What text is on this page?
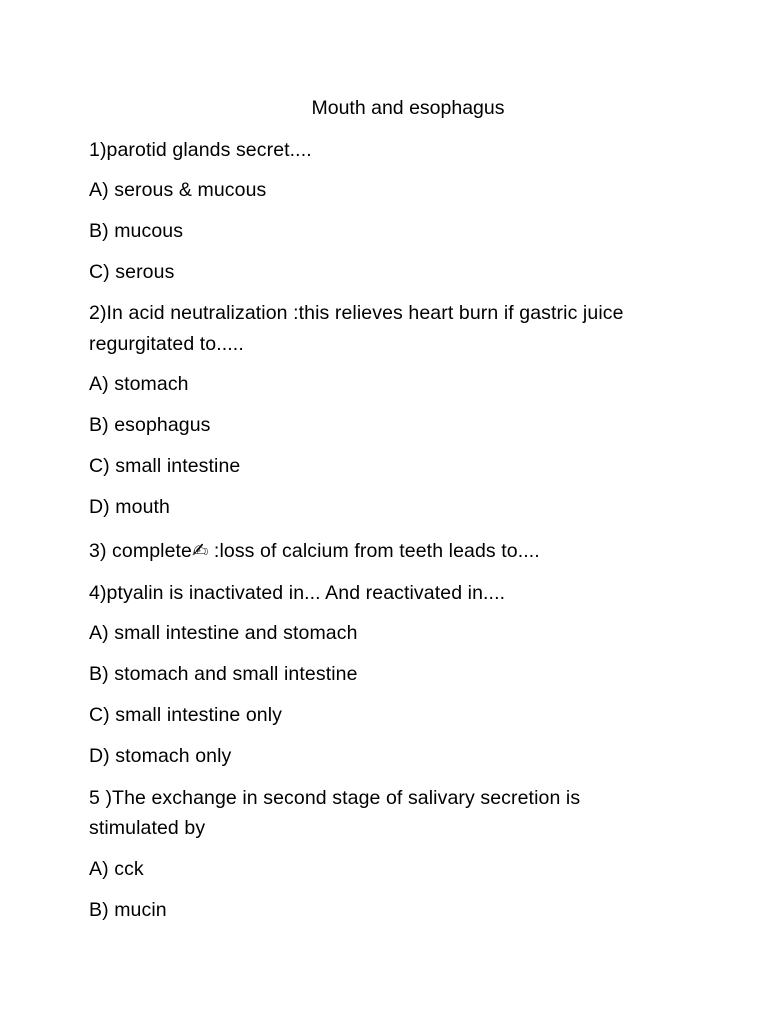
Mouth and esophagus
1)parotid glands secret....
A) serous & mucous
B) mucous
C) serous
2)In acid neutralization :this relieves heart burn if gastric juice
regurgitated to.....
A) stomach
B) esophagus
C) small intestine
D) mouth
3) complete✍ :loss of calcium from teeth leads to....
4)ptyalin is inactivated in... And reactivated in....
A) small intestine and stomach
B) stomach and small intestine
C) small intestine only
D) stomach only
5 )The exchange in second stage of salivary secretion is
stimulated by
A) cck
B) mucin
